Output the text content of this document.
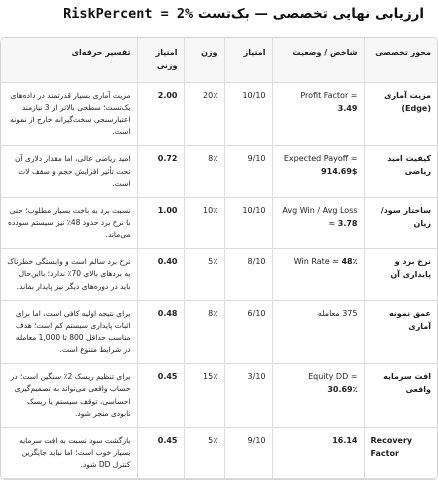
ارزیابی نهایی تخصصی — بک‌تست RiskPercent = 2%
محور تخصصی	شاخص / وضعیت	امتیاز	وزن	امتیاز وزنی	تفسیر حرفه‌ای
مزیت آماری (Edge)	Profit Factor = 3.49	10/10	20٪	2.00	مزیت آماری بسیار قدرتمند در داده‌های بک‌تست؛ سطحی بالاتر از 3 نیازمند اعتبارسنجی سخت‌گیرانه خارج از نمونه است.
کیفیت امید ریاضی	Expected Payoff = 914.69$	9/10	8٪	0.72	امید ریاضی عالی، اما مقدار دلاری آن تحت تأثیر افزایش حجم و سقف لات است.
ساختار سود/زیان	Avg Win / Avg Loss ≈ 3.78	10/10	10٪	1.00	نسبت برد به باخت بسیار مطلوب؛ حتی با نرخ برد حدود 48٪ نیز سیستم سودده می‌ماند.
نرخ برد و پایداری آن	Win Rate ≈ 48٪	8/10	5٪	0.40	نرخ برد سالم است و وابستگی خطرناک به بردهای بالای 70٪ ندارد؛ بااین‌حال باید در دوره‌های دیگر نیز پایدار بماند.
عمق نمونه آماری	375 معامله	6/10	8٪	0.48	برای نتیجه اولیه کافی است، اما برای اثبات پایداری سیستم کم است؛ هدف مناسب حداقل 800 تا 1,000 معامله در شرایط متنوع است.
افت سرمایه واقعی	Equity DD = 30.69٪	3/10	15٪	0.45	برای تنظیم ریسک 2٪ سنگین است؛ در حساب واقعی می‌تواند به تصمیم‌گیری احساسی، توقف سیستم یا ریسک نابودی منجر شود.
Recovery Factor	16.14	9/10	5٪	0.45	بازگشت سود نسبت به افت سرمایه بسیار خوب است؛ اما نباید جایگزین کنترل DD شود.
